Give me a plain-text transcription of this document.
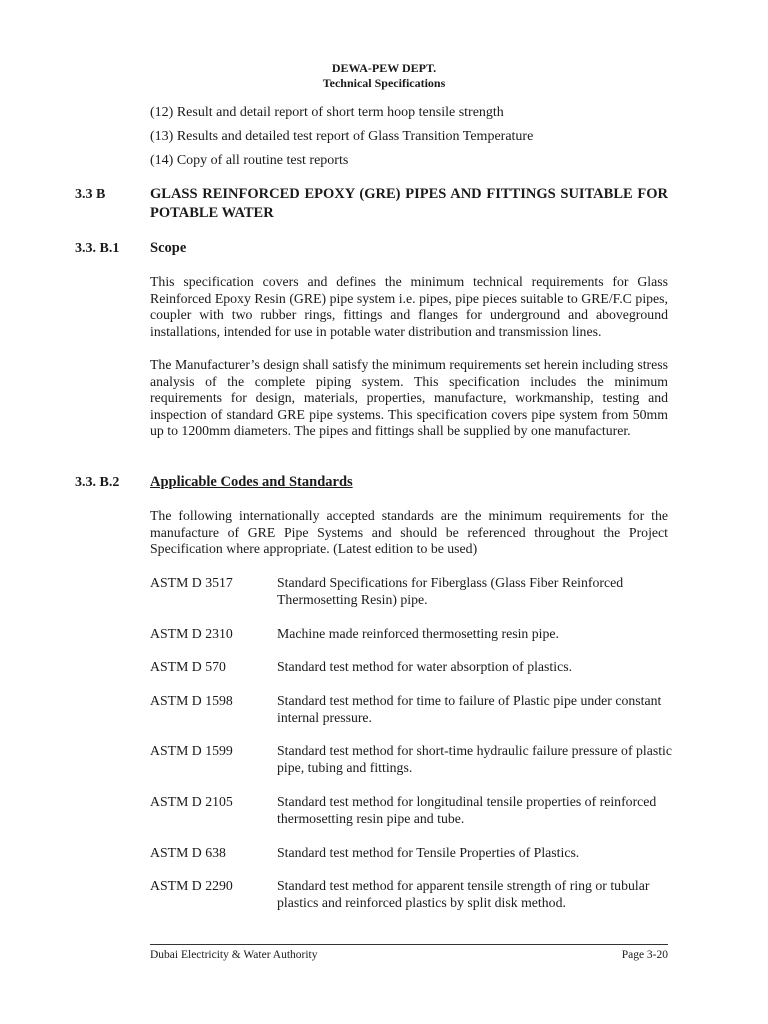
DEWA-PEW DEPT.
Technical Specifications
(12) Result and detail report of short term hoop tensile strength
(13) Results and detailed test report of Glass Transition Temperature
(14) Copy of all routine test reports
3.3 B	GLASS REINFORCED EPOXY (GRE) PIPES AND FITTINGS SUITABLE FOR POTABLE WATER
3.3. B.1 Scope
This specification covers and defines the minimum technical requirements for Glass Reinforced Epoxy Resin (GRE) pipe system i.e. pipes, pipe pieces suitable to GRE/F.C pipes, coupler with two rubber rings, fittings and flanges for underground and aboveground installations, intended for use in potable water distribution and transmission lines.
The Manufacturer’s design shall satisfy the minimum requirements set herein including stress analysis of the complete piping system. This specification includes the minimum requirements for design, materials, properties, manufacture, workmanship, testing and inspection of standard GRE pipe systems. This specification covers pipe system from 50mm up to 1200mm diameters. The pipes and fittings shall be supplied by one manufacturer.
3.3. B.2 Applicable Codes and Standards
The following internationally accepted standards are the minimum requirements for the manufacture of GRE Pipe Systems and should be referenced throughout the Project Specification where appropriate. (Latest edition to be used)
ASTM D 3517	Standard Specifications for Fiberglass (Glass Fiber Reinforced Thermosetting Resin) pipe.
ASTM D 2310	Machine made reinforced thermosetting resin pipe.
ASTM D 570	Standard test method for water absorption of plastics.
ASTM D 1598	Standard test method for time to failure of Plastic pipe under constant internal pressure.
ASTM D 1599	Standard test method for short-time hydraulic failure pressure of plastic pipe, tubing and fittings.
ASTM D 2105	Standard test method for longitudinal tensile properties of reinforced thermosetting resin pipe and tube.
ASTM D 638	Standard test method for Tensile Properties of Plastics.
ASTM D 2290	Standard test method for apparent tensile strength of ring or tubular plastics and reinforced plastics by split disk method.
Dubai Electricity & Water Authority	Page 3-20
